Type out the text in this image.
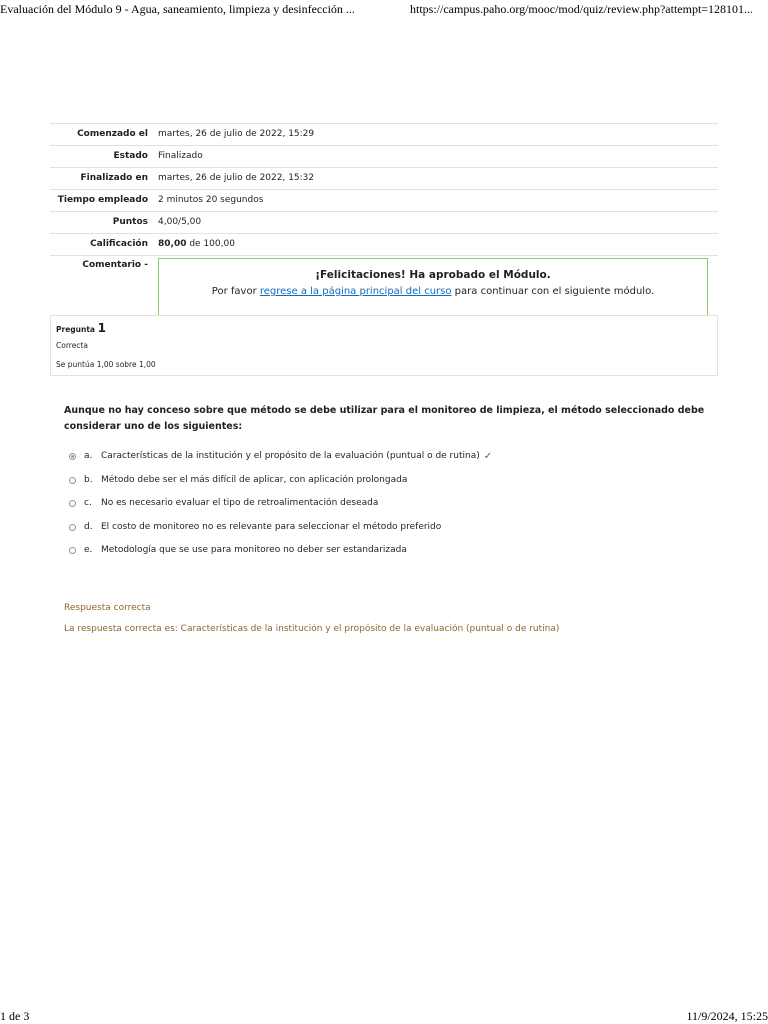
Evaluación del Módulo 9 - Agua, saneamiento, limpieza y desinfección ...	https://campus.paho.org/mooc/mod/quiz/review.php?attempt=128101...
Comenzado el	martes, 26 de julio de 2022, 15:29
Estado	Finalizado
Finalizado en	martes, 26 de julio de 2022, 15:32
Tiempo empleado	2 minutos 20 segundos
Puntos	4,00/5,00
Calificación	80,00 de 100,00
Comentario -	¡Felicitaciones! Ha aprobado el Módulo.
Por favor regrese a la página principal del curso para continuar con el siguiente módulo.
Pregunta 1
Correcta
Se puntúa 1,00 sobre 1,00
Aunque no hay conceso sobre que método se debe utilizar para el monitoreo de limpieza, el método seleccionado debe considerar uno de los siguientes:
a. Características de la institución y el propósito de la evaluación (puntual o de rutina) ✓
b. Método debe ser el más difícil de aplicar, con aplicación prolongada
c.	No es necesario evaluar el tipo de retroalimentación deseada
d. El costo de monitoreo no es relevante para seleccionar el método preferido
e. Metodología que se use para monitoreo no deber ser estandarizada
Respuesta correcta
La respuesta correcta es: Características de la institución y el propósito de la evaluación (puntual o de rutina)
1 de 3	11/9/2024, 15:25
